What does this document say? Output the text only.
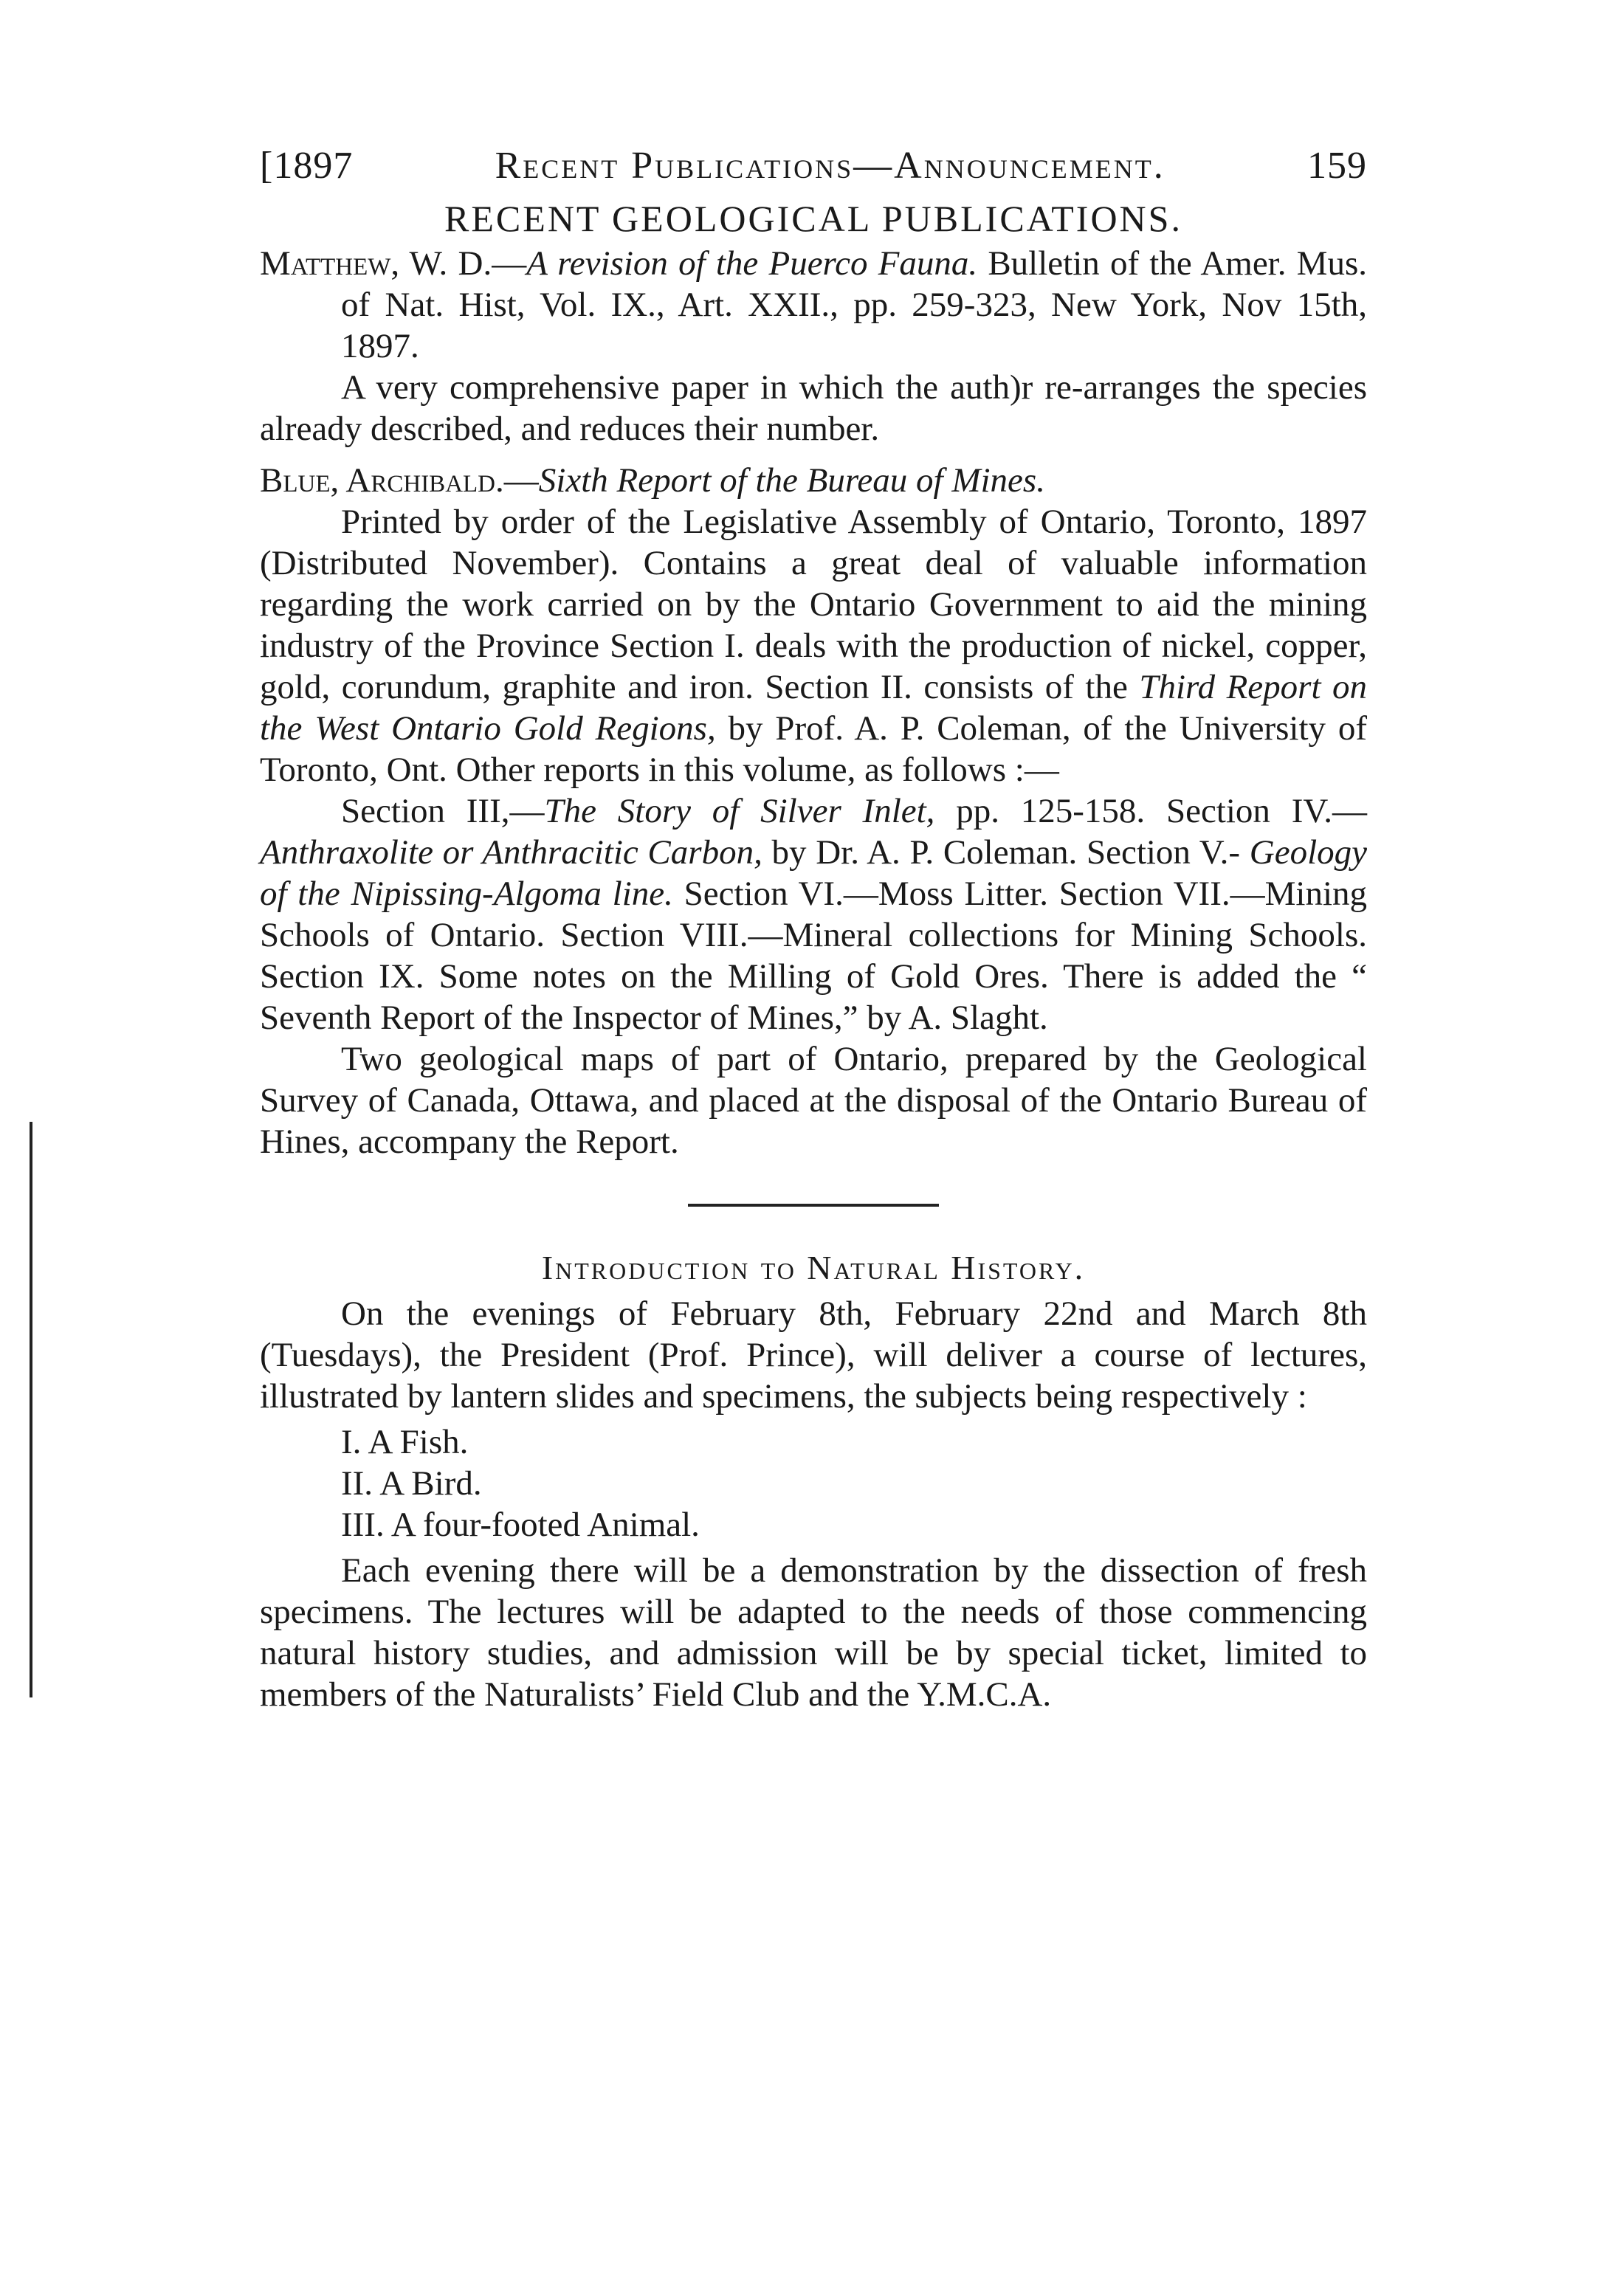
[1897	Recent Publications—Announcement.	159
RECENT GEOLOGICAL PUBLICATIONS.

Matthew, W. D.—A revision of the Puerco Fauna. Bulletin of the Amer. Mus. of Nat. Hist, Vol. IX., Art. XXII., pp. 259-323, New York, Nov 15th, 1897.

A very comprehensive paper in which the auth)r re-arranges the species already described, and reduces their number.

Blue, Archibald.—Sixth Report of the Bureau of Mines.

Printed by order of the Legislative Assembly of Ontario, Toronto, 1897 (Distributed November). Contains a great deal of valuable information regarding the work carried on by the Ontario Government to aid the mining industry of the Province Section I. deals with the production of nickel, copper, gold, corundum, graphite and iron. Section II. consists of the Third Report on the West Ontario Gold Regions, by Prof. A. P. Coleman, of the University of Toronto, Ont. Other reports in this volume, as follows :—

Section III,—The Story of Silver Inlet, pp. 125-158. Section IV.—Anthraxolite or Anthracitic Carbon, by Dr. A. P. Coleman. Section V.- Geology of the Nipissing-Algoma line. Section VI.—Moss Litter. Section VII.—Mining Schools of Ontario. Section VIII.—Mineral collections for Mining Schools. Section IX. Some notes on the Milling of Gold Ores. There is added the “ Seventh Report of the Inspector of Mines,” by A. Slaght.

Two geological maps of part of Ontario, prepared by the Geological Survey of Canada, Ottawa, and placed at the disposal of the Ontario Bureau of Hines, accompany the Report.

Introduction to Natural History.

On the evenings of February 8th, February 22nd and March 8th (Tuesdays), the President (Prof. Prince), will deliver a course of lectures, illustrated by lantern slides and specimens, the subjects being respectively :

I. A Fish.

II. A Bird.

III. A four-footed Animal.

Each evening there will be a demonstration by the dissection of fresh specimens. The lectures will be adapted to the needs of those commencing natural history studies, and admission will be by special ticket, limited to members of the Naturalists’ Field Club and the Y.M.C.A.
